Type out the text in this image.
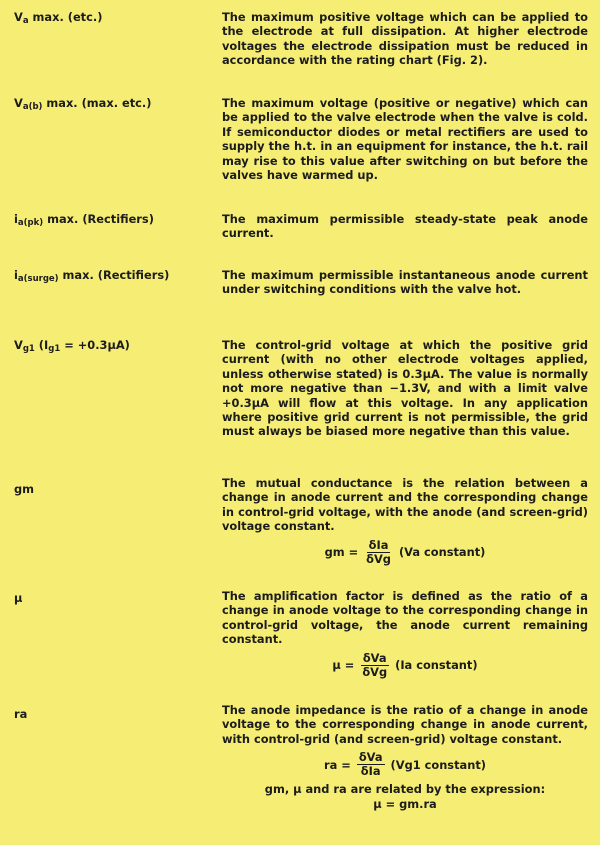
$V_a$ max. (etc.)	The maximum positive voltage which can be applied to the electrode at full dissipation. At higher electrode voltages the electrode dissipation must be reduced in accordance with the rating chart (Fig. 2).
$V_{a(b)}$ max. (max. etc.)	The maximum voltage (positive or negative) which can be applied to the valve electrode when the valve is cold. If semiconductor diodes or metal rectifiers are used to supply the h.t. in an equipment for instance, the h.t. rail may rise to this value after switching on but before the valves have warmed up.
$i_{a(pk)}$ max. (Rectifiers)	The maximum permissible steady-state peak anode current.
$i_{a(surge)}$ max. (Rectifiers)	The maximum permissible instantaneous anode current under switching conditions with the valve hot.
$V_{g1}$ $(I_{g1} = +0.3\mu A)$	The control-grid voltage at which the positive grid current (with no other electrode voltages applied, unless otherwise stated) is 0.3μA. The value is normally not more negative than −1.3V, and with a limit valve +0.3μA will flow at this voltage. In any application where positive grid current is not permissible, the grid must always be biased more negative than this value.
gm	The mutual conductance is the relation between a change in anode current and the corresponding change in control-grid voltage, with the anode (and screen-grid) voltage constant.

gm = $\frac{\text{δIa}}{\text{δVg}} (Va$ constant)
μ	The amplification factor is defined as the ratio of a change in anode voltage to the corresponding change in control-grid voltage, the anode current remaining constant.

$\mu = \frac{\text{δVa}}{\text{δVg}} (Ia$ constant)
ra	The anode impedance is the ratio of a change in anode voltage to the corresponding change in anode current, with control-grid (and screen-grid) voltage constant.

ra = $\frac{\text{δVa}}{\text{δIa}} (Vg1$ constant)
gm, μ and ra are related by the expression:
μ = gm.ra
